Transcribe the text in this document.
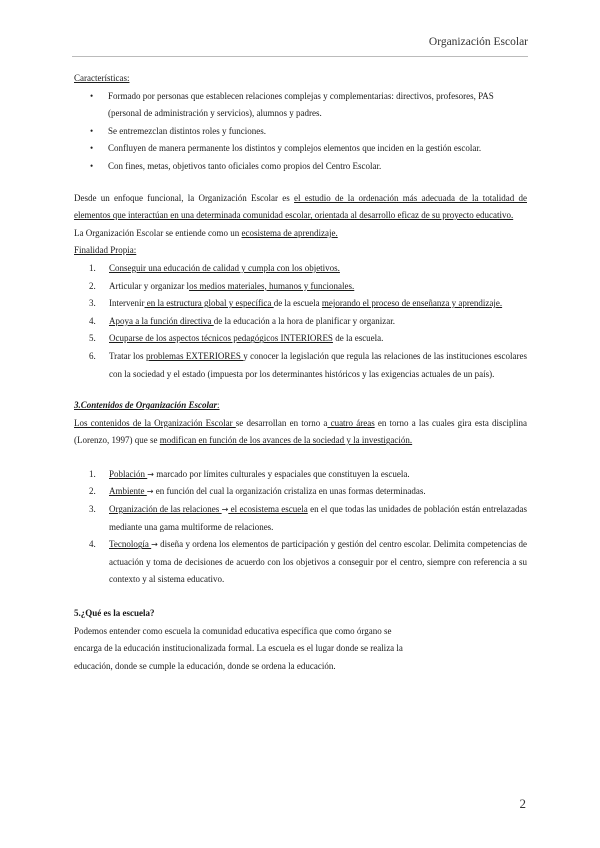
Organización Escolar

Características:

• Formado por personas que establecen relaciones complejas y complementarias: directivos, profesores, PAS (personal de administración y servicios), alumnos y padres.
• Se entremezclan distintos roles y funciones.
• Confluyen de manera permanente los distintos y complejos elementos que inciden en la gestión escolar.
• Con fines, metas, objetivos tanto oficiales como propios del Centro Escolar.

Desde un enfoque funcional, la Organización Escolar es el estudio de la ordenación más adecuada de la totalidad de elementos que interactúan en una determinada comunidad escolar, orientada al desarrollo eficaz de su proyecto educativo.

La Organización Escolar se entiende como un ecosistema de aprendizaje.

Finalidad Propia:

1. Conseguir una educación de calidad y cumpla con los objetivos.
2. Articular y organizar los medios materiales, humanos y funcionales.
3. Intervenir en la estructura global y específica de la escuela mejorando el proceso de enseñanza y aprendizaje.
4. Apoya a la función directiva de la educación a la hora de planificar y organizar.
5. Ocuparse de los aspectos técnicos pedagógicos INTERIORES de la escuela.
6. Tratar los problemas EXTERIORES y conocer la legislación que regula las relaciones de las instituciones escolares con la sociedad y el estado (impuesta por los determinantes históricos y las exigencias actuales de un país).

3.Contenidos de Organización Escolar:

Los contenidos de la Organización Escolar se desarrollan en torno a cuatro áreas en torno a las cuales gira esta disciplina (Lorenzo, 1997) que se modifican en función de los avances de la sociedad y la investigación.

1. Población → marcado por límites culturales y espaciales que constituyen la escuela.
2. Ambiente → en función del cual la organización cristaliza en unas formas determinadas.
3. Organización de las relaciones → el ecosistema escuela en el que todas las unidades de población están entrelazadas mediante una gama multiforme de relaciones.
4. Tecnología → diseña y ordena los elementos de participación y gestión del centro escolar. Delimita competencias de actuación y toma de decisiones de acuerdo con los objetivos a conseguir por el centro, siempre con referencia a su contexto y al sistema educativo.

5.¿Qué es la escuela?

Podemos entender como escuela la comunidad educativa específica que como órgano se

encarga de la educación institucionalizada formal. La escuela es el lugar donde se realiza la

educación, donde se cumple la educación, donde se ordena la educación.

2
